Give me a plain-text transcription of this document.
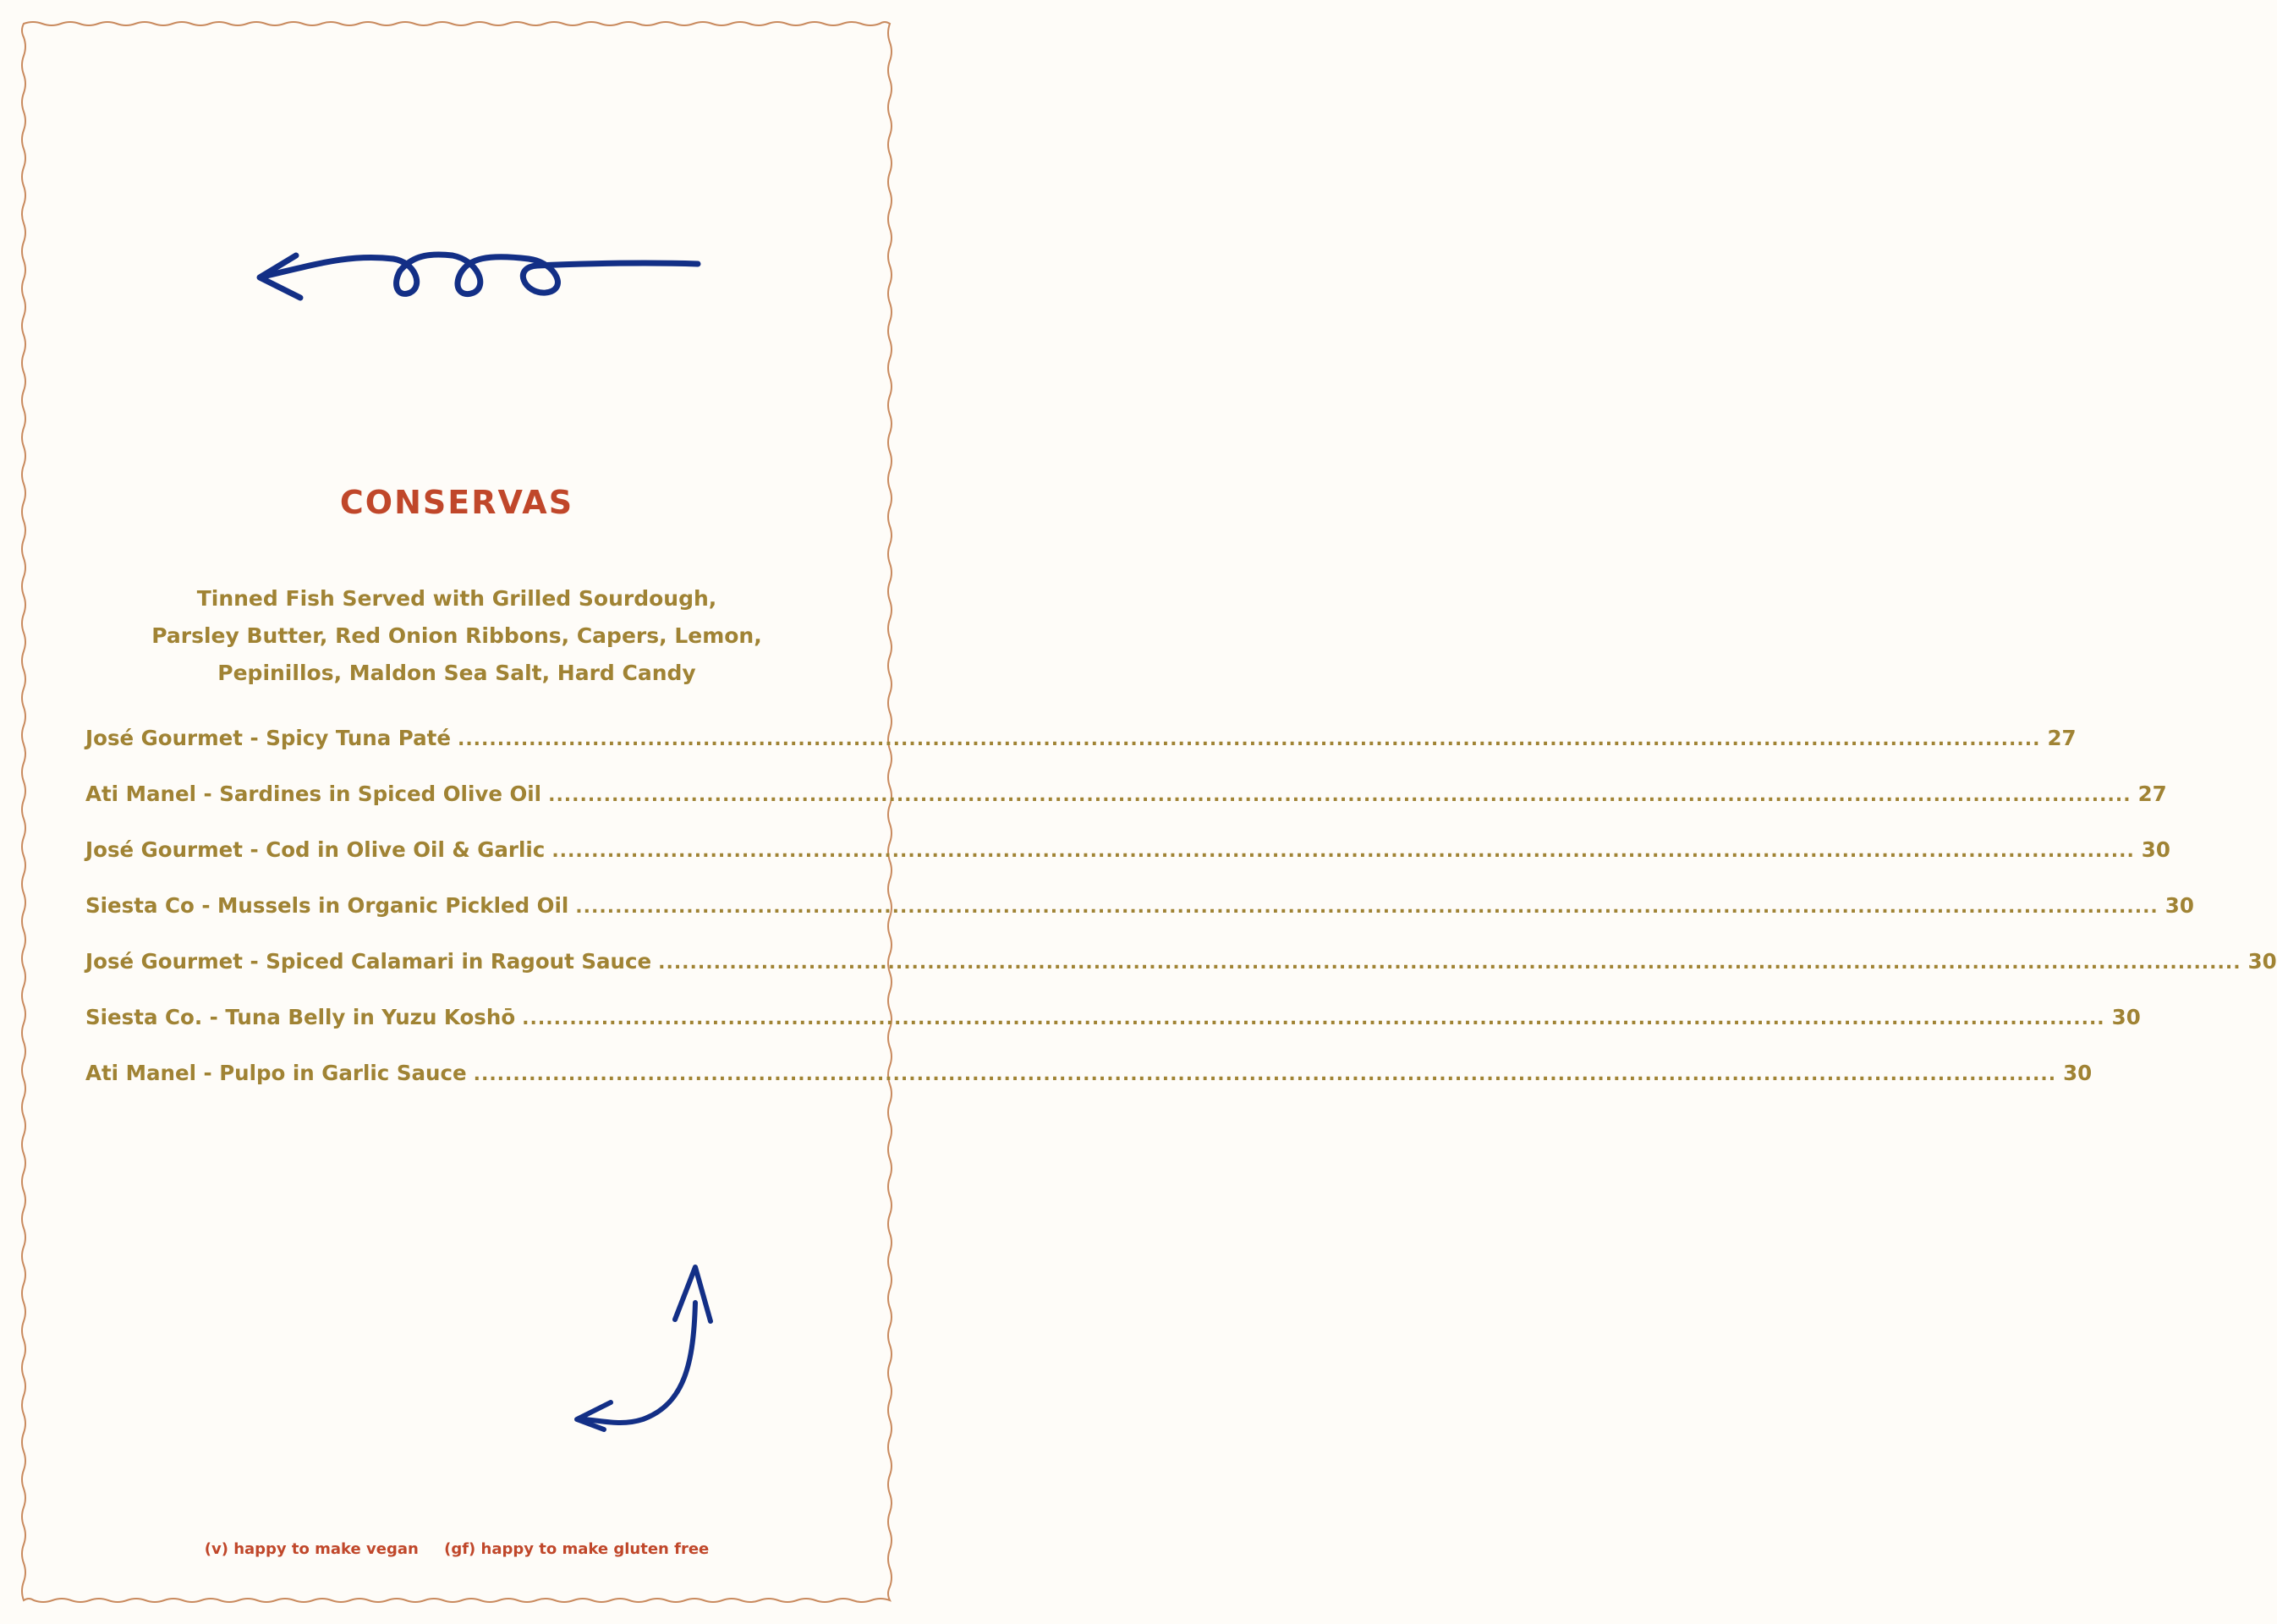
CONSERVAS
Tinned Fish Served with Grilled Sourdough,
Parsley Butter, Red Onion Ribbons, Capers, Lemon,
Pepinillos, Maldon Sea Salt, Hard Candy
José Gourmet - Spicy Tuna Paté ........................................................................................................................................................................................................ 27
Ati Manel - Sardines in Spiced Olive Oil ........................................................................................................................................................................................................ 27
José Gourmet - Cod in Olive Oil & Garlic ........................................................................................................................................................................................................ 30
Siesta Co - Mussels in Organic Pickled Oil ........................................................................................................................................................................................................ 30
José Gourmet - Spiced Calamari in Ragout Sauce ........................................................................................................................................................................................................ 30
Siesta Co. - Tuna Belly in Yuzu Koshō ........................................................................................................................................................................................................ 30
Ati Manel - Pulpo in Garlic Sauce ........................................................................................................................................................................................................ 30
(v) happy to make vegan (gf) happy to make gluten free
